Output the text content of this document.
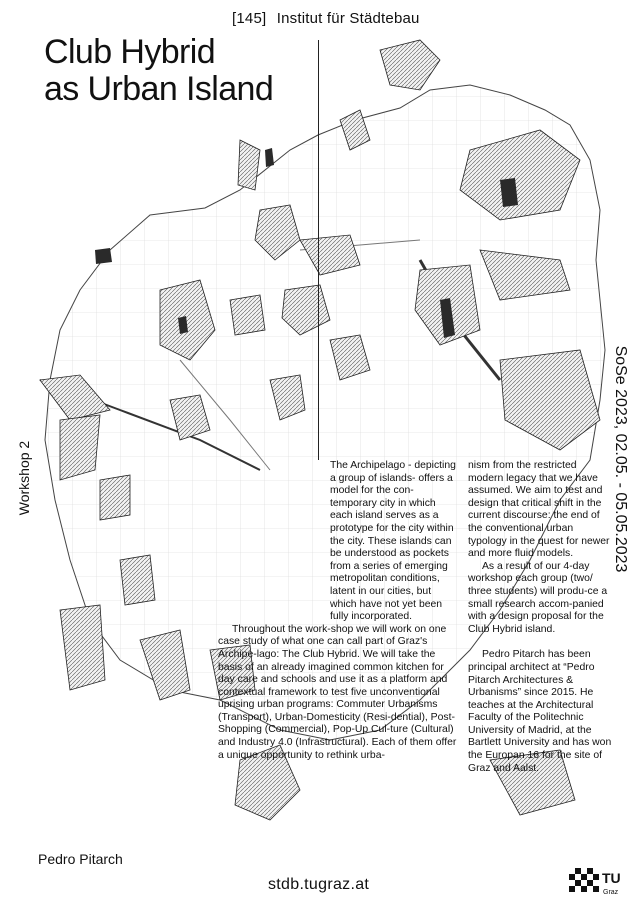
[145] Institut für Städtebau
Club Hybrid
as Urban Island
Workshop 2	SoSe 2023, 02.05. - 05.05.2023

The Archipelago - depicting a group of islands- offers a model for the con-temporary city in which each island serves as a prototype for the city within the city. These islands can be understood as pockets from a series of emerging metropolitan conditions, latent in our cities, but which have not yet been fully incorporated.

Throughout the work-shop we will work on one case study of what one can call part of Graz's Archipe-lago: The Club Hybrid. We will take the basis of an already imagined common kitchen for day care and schools and use it as a platform and contextual framework to test five unconventional uprising urban programs: Commuter Urbanisms (Transport), Urban-Domesticity (Resi-dential), Post-Shopping (Commercial), Pop-Up Cul-ture (Cultural) and Industry 4.0 (Infrastructural). Each of them offer a unique opportunity to rethink urba-

nism from the restricted modern legacy that we have assumed. We aim to test and design that critical shift in the current discourse: the end of the conventional urban typology in the quest for newer and more fluid models.

As a result of our 4-day workshop each group (two/ three students) will produ-ce a small research accom-panied with a design proposal for the Club Hybrid island.

Pedro Pitarch has been principal architect at “Pedro Pitarch Architectures & Urbanisms” since 2015. He teaches at the Architectural Faculty of the Politechnic University of Madrid, at the Bartlett University and has won the Europan 16 for the site of Graz and Aalst.

Pedro Pitarch
stdb.tugraz.at	TU
Graz
